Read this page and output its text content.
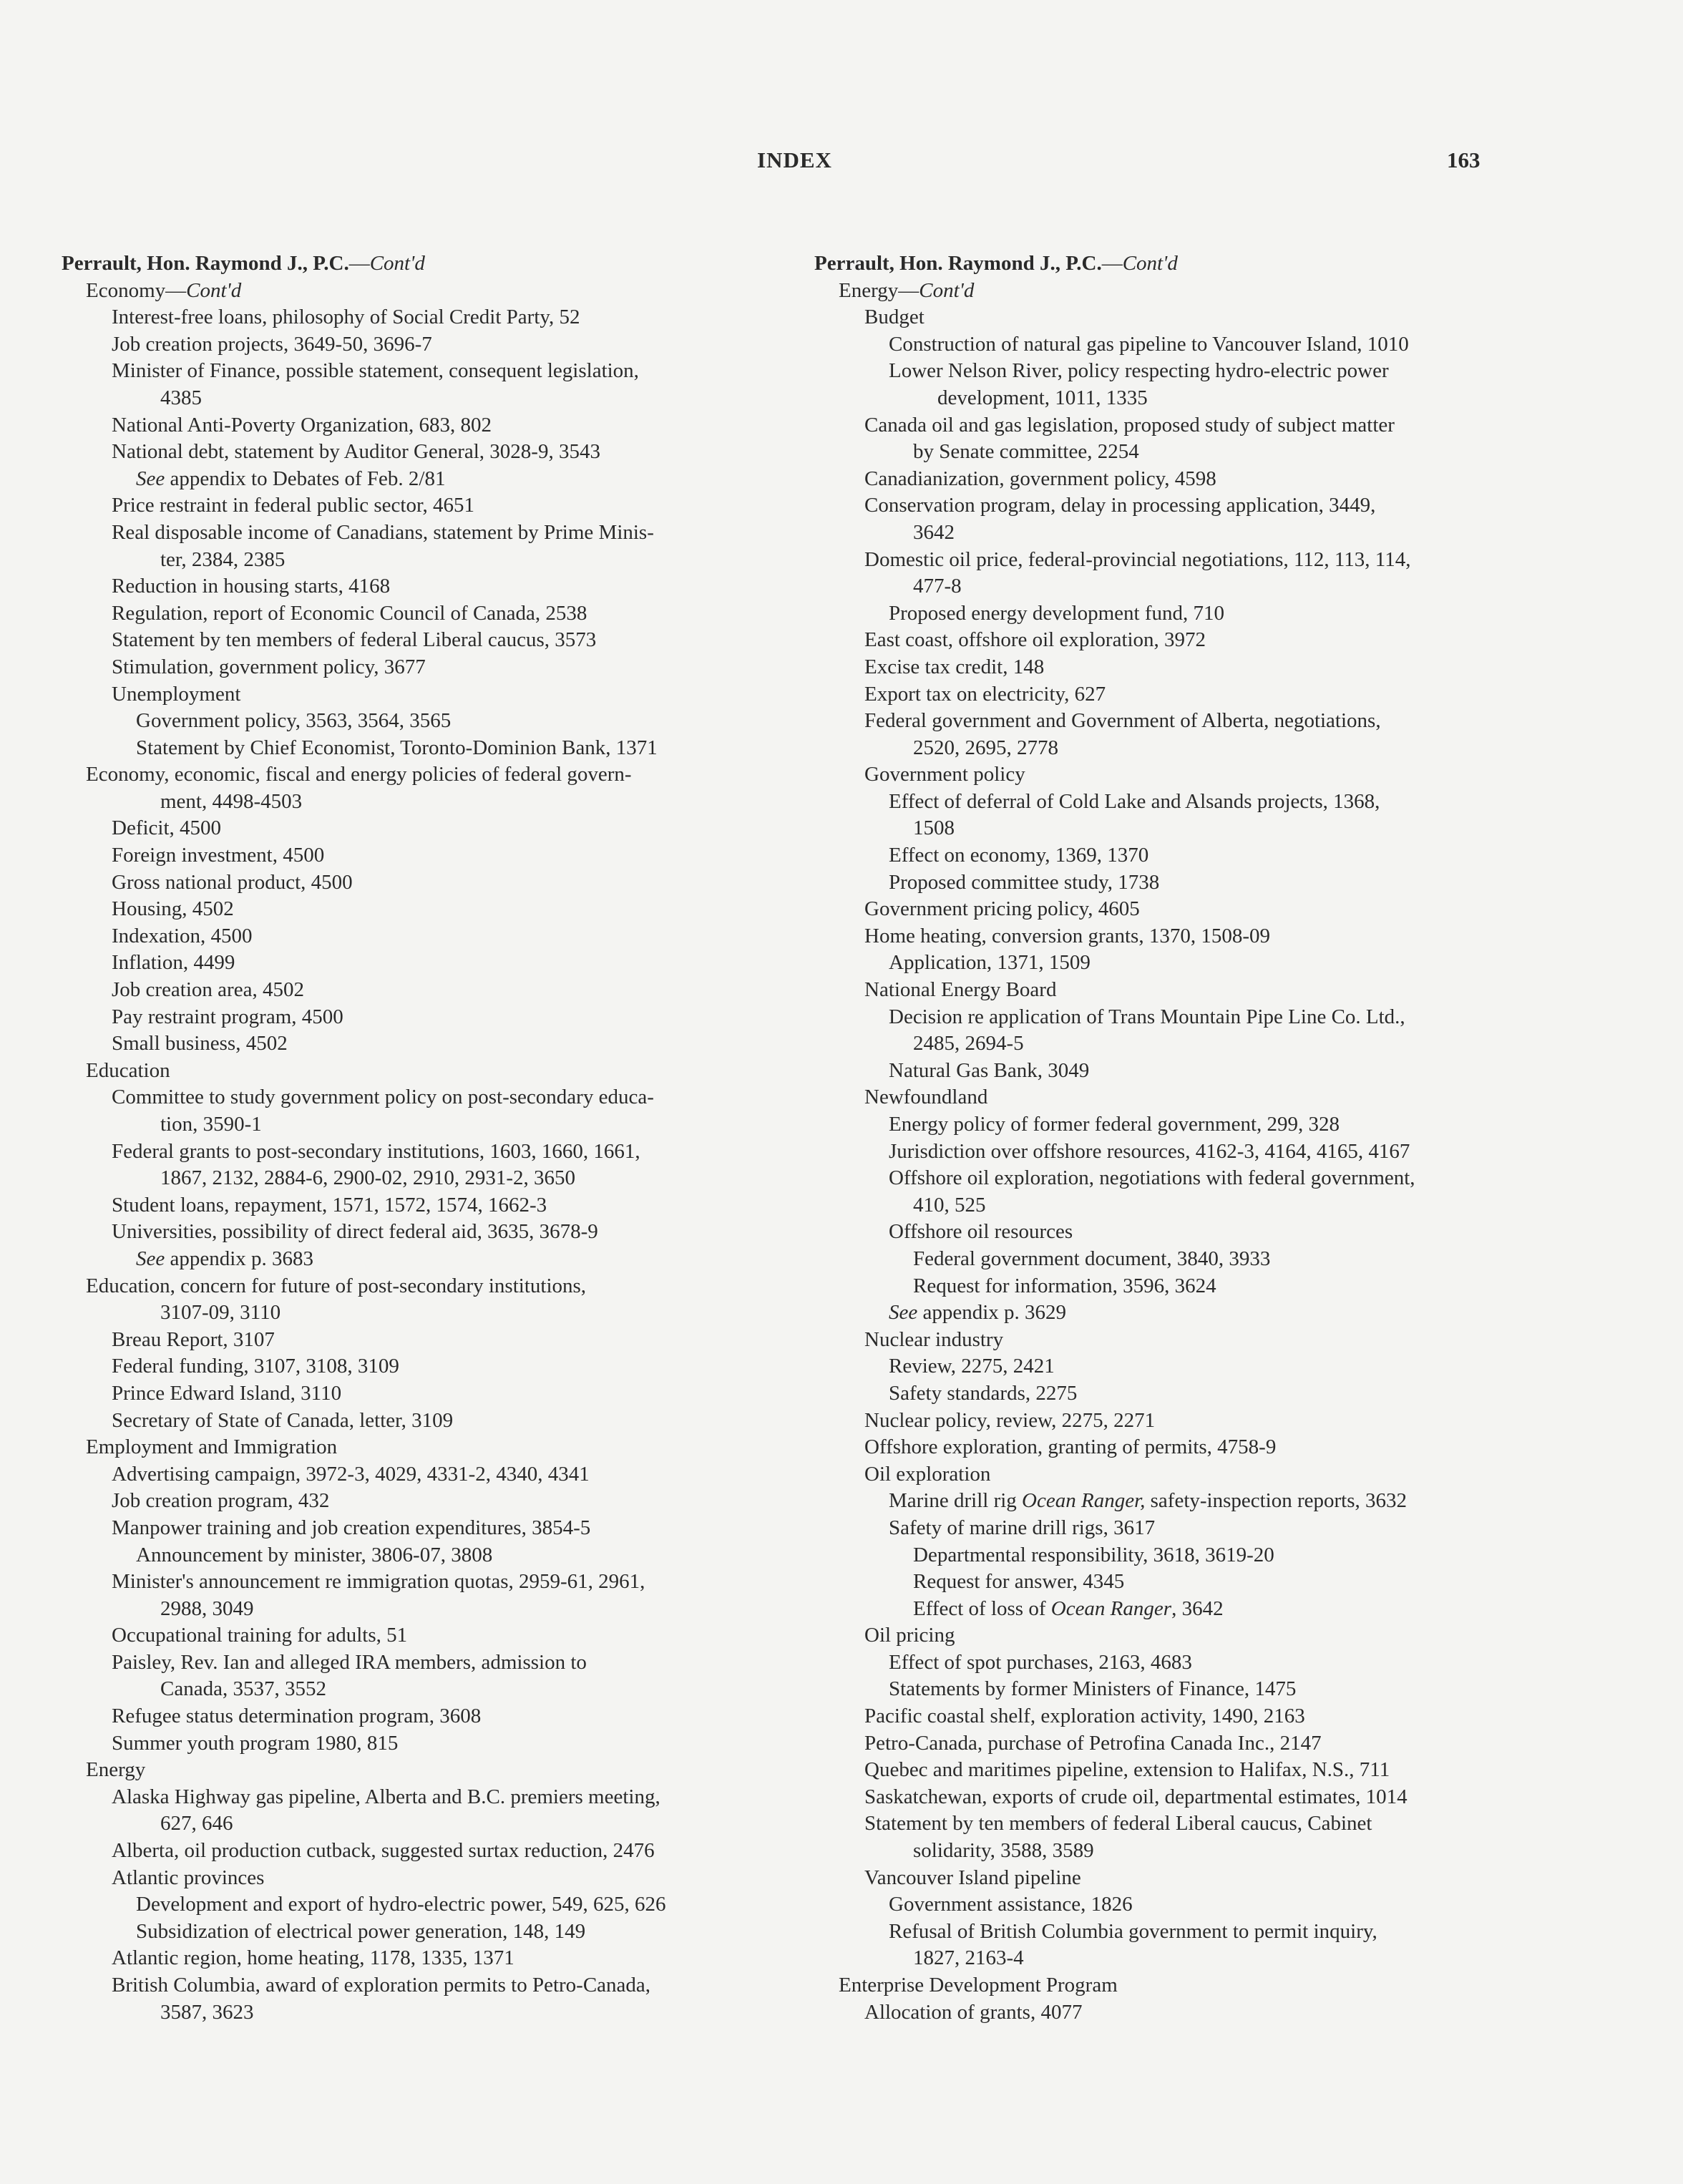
INDEX	163
Perrault, Hon. Raymond J., P.C.—Cont'd
Economy—Cont'd
Interest-free loans, philosophy of Social Credit Party, 52
Job creation projects, 3649-50, 3696-7
Minister of Finance, possible statement, consequent legislation,
4385
National Anti-Poverty Organization, 683, 802
National debt, statement by Auditor General, 3028-9, 3543
See appendix to Debates of Feb. 2/81
Price restraint in federal public sector, 4651
Real disposable income of Canadians, statement by Prime Minis-
ter, 2384, 2385
Reduction in housing starts, 4168
Regulation, report of Economic Council of Canada, 2538
Statement by ten members of federal Liberal caucus, 3573
Stimulation, government policy, 3677
Unemployment
Government policy, 3563, 3564, 3565
Statement by Chief Economist, Toronto-Dominion Bank, 1371
Economy, economic, fiscal and energy policies of federal govern-
ment, 4498-4503
Deficit, 4500
Foreign investment, 4500
Gross national product, 4500
Housing, 4502
Indexation, 4500
Inflation, 4499
Job creation area, 4502
Pay restraint program, 4500
Small business, 4502
Education
Committee to study government policy on post-secondary educa-
tion, 3590-1
Federal grants to post-secondary institutions, 1603, 1660, 1661,
1867, 2132, 2884-6, 2900-02, 2910, 2931-2, 3650
Student loans, repayment, 1571, 1572, 1574, 1662-3
Universities, possibility of direct federal aid, 3635, 3678-9
See appendix p. 3683
Education, concern for future of post-secondary institutions,
3107-09, 3110
Breau Report, 3107
Federal funding, 3107, 3108, 3109
Prince Edward Island, 3110
Secretary of State of Canada, letter, 3109
Employment and Immigration
Advertising campaign, 3972-3, 4029, 4331-2, 4340, 4341
Job creation program, 432
Manpower training and job creation expenditures, 3854-5
Announcement by minister, 3806-07, 3808
Minister's announcement re immigration quotas, 2959-61, 2961,
2988, 3049
Occupational training for adults, 51
Paisley, Rev. Ian and alleged IRA members, admission to
Canada, 3537, 3552
Refugee status determination program, 3608
Summer youth program 1980, 815
Energy
Alaska Highway gas pipeline, Alberta and B.C. premiers meeting,
627, 646
Alberta, oil production cutback, suggested surtax reduction, 2476
Atlantic provinces
Development and export of hydro-electric power, 549, 625, 626
Subsidization of electrical power generation, 148, 149
Atlantic region, home heating, 1178, 1335, 1371
British Columbia, award of exploration permits to Petro-Canada,
3587, 3623
Perrault, Hon. Raymond J., P.C.—Cont'd
Energy—Cont'd
Budget
Construction of natural gas pipeline to Vancouver Island, 1010
Lower Nelson River, policy respecting hydro-electric power
development, 1011, 1335
Canada oil and gas legislation, proposed study of subject matter
by Senate committee, 2254
Canadianization, government policy, 4598
Conservation program, delay in processing application, 3449,
3642
Domestic oil price, federal-provincial negotiations, 112, 113, 114,
477-8
Proposed energy development fund, 710
East coast, offshore oil exploration, 3972
Excise tax credit, 148
Export tax on electricity, 627
Federal government and Government of Alberta, negotiations,
2520, 2695, 2778
Government policy
Effect of deferral of Cold Lake and Alsands projects, 1368,
1508
Effect on economy, 1369, 1370
Proposed committee study, 1738
Government pricing policy, 4605
Home heating, conversion grants, 1370, 1508-09
Application, 1371, 1509
National Energy Board
Decision re application of Trans Mountain Pipe Line Co. Ltd.,
2485, 2694-5
Natural Gas Bank, 3049
Newfoundland
Energy policy of former federal government, 299, 328
Jurisdiction over offshore resources, 4162-3, 4164, 4165, 4167
Offshore oil exploration, negotiations with federal government,
410, 525
Offshore oil resources
Federal government document, 3840, 3933
Request for information, 3596, 3624
See appendix p. 3629
Nuclear industry
Review, 2275, 2421
Safety standards, 2275
Nuclear policy, review, 2275, 2271
Offshore exploration, granting of permits, 4758-9
Oil exploration
Marine drill rig Ocean Ranger, safety-inspection reports, 3632
Safety of marine drill rigs, 3617
Departmental responsibility, 3618, 3619-20
Request for answer, 4345
Effect of loss of Ocean Ranger, 3642
Oil pricing
Effect of spot purchases, 2163, 4683
Statements by former Ministers of Finance, 1475
Pacific coastal shelf, exploration activity, 1490, 2163
Petro-Canada, purchase of Petrofina Canada Inc., 2147
Quebec and maritimes pipeline, extension to Halifax, N.S., 711
Saskatchewan, exports of crude oil, departmental estimates, 1014
Statement by ten members of federal Liberal caucus, Cabinet
solidarity, 3588, 3589
Vancouver Island pipeline
Government assistance, 1826
Refusal of British Columbia government to permit inquiry,
1827, 2163-4
Enterprise Development Program
Allocation of grants, 4077
